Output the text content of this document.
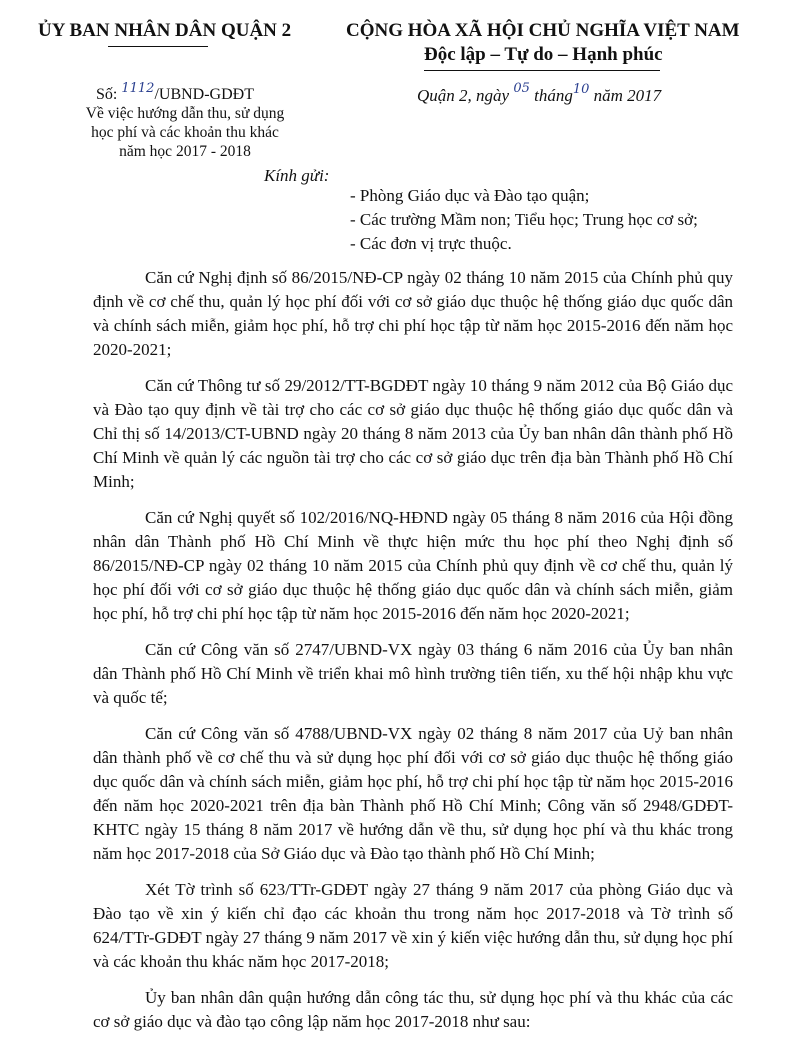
ỦY BAN NHÂN DÂN QUẬN 2	CỘNG HÒA XÃ HỘI CHỦ NGHĨA VIỆT NAM
Độc lập – Tự do – Hạnh phúc
Số: $^{1112}$/UBND-GDĐT	Quận 2, ngày $^{05}$ tháng$^{10}$ năm 2017
Về việc hướng dẫn thu, sử dụng
học phí và các khoản thu khác
năm học 2017 - 2018
Kính gửi:
- Phòng Giáo dục và Đào tạo quận;
- Các trường Mầm non; Tiểu học; Trung học cơ sở;
- Các đơn vị trực thuộc.

Căn cứ Nghị định số 86/2015/NĐ-CP ngày 02 tháng 10 năm 2015 của Chính phủ quy định về cơ chế thu, quản lý học phí đối với cơ sở giáo dục thuộc hệ thống giáo dục quốc dân và chính sách miễn, giảm học phí, hỗ trợ chi phí học tập từ năm học 2015-2016 đến năm học 2020-2021;

Căn cứ Thông tư số 29/2012/TT-BGDĐT ngày 10 tháng 9 năm 2012 của Bộ Giáo dục và Đào tạo quy định về tài trợ cho các cơ sở giáo dục thuộc hệ thống giáo dục quốc dân và Chỉ thị số 14/2013/CT-UBND ngày 20 tháng 8 năm 2013 của Ủy ban nhân dân thành phố Hồ Chí Minh về quản lý các nguồn tài trợ cho các cơ sở giáo dục trên địa bàn Thành phố Hồ Chí Minh;

Căn cứ Nghị quyết số 102/2016/NQ-HĐND ngày 05 tháng 8 năm 2016 của Hội đồng nhân dân Thành phố Hồ Chí Minh về thực hiện mức thu học phí theo Nghị định số 86/2015/NĐ-CP ngày 02 tháng 10 năm 2015 của Chính phủ quy định về cơ chế thu, quản lý học phí đối với cơ sở giáo dục thuộc hệ thống giáo dục quốc dân và chính sách miễn, giảm học phí, hỗ trợ chi phí học tập từ năm học 2015-2016 đến năm học 2020-2021;

Căn cứ Công văn số 2747/UBND-VX ngày 03 tháng 6 năm 2016 của Ủy ban nhân dân Thành phố Hồ Chí Minh về triển khai mô hình trường tiên tiến, xu thế hội nhập khu vực và quốc tế;

Căn cứ Công văn số 4788/UBND-VX ngày 02 tháng 8 năm 2017 của Uỷ ban nhân dân thành phố về cơ chế thu và sử dụng học phí đối với cơ sở giáo dục thuộc hệ thống giáo dục quốc dân và chính sách miễn, giảm học phí, hỗ trợ chi phí học tập từ năm học 2015-2016 đến năm học 2020-2021 trên địa bàn Thành phố Hồ Chí Minh; Công văn số 2948/GDĐT-KHTC ngày 15 tháng 8 năm 2017 về hướng dẫn về thu, sử dụng học phí và thu khác trong năm học 2017-2018 của Sở Giáo dục và Đào tạo thành phố Hồ Chí Minh;

Xét Tờ trình số 623/TTr-GDĐT ngày 27 tháng 9 năm 2017 của phòng Giáo dục và Đào tạo về xin ý kiến chỉ đạo các khoản thu trong năm học 2017-2018 và Tờ trình số 624/TTr-GDĐT ngày 27 tháng 9 năm 2017 về xin ý kiến việc hướng dẫn thu, sử dụng học phí và các khoản thu khác năm học 2017-2018;

Ủy ban nhân dân quận hướng dẫn công tác thu, sử dụng học phí và thu khác của các cơ sở giáo dục và đào tạo công lập năm học 2017-2018 như sau:
